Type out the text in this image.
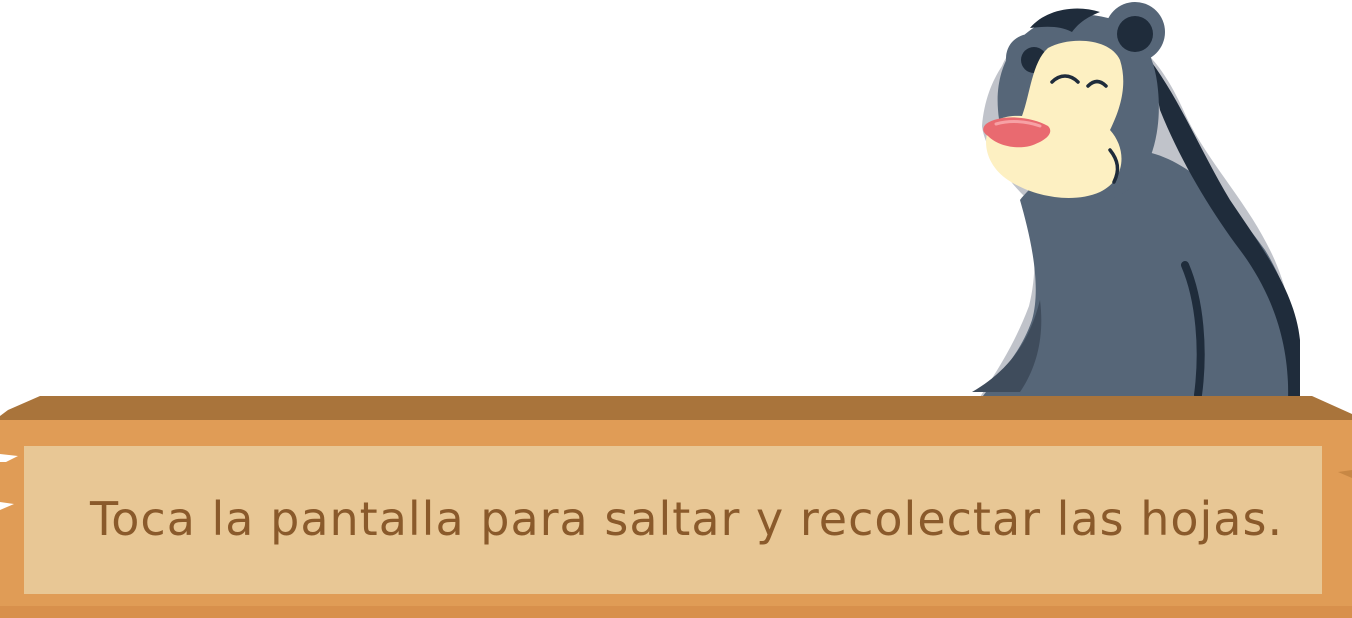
Toca la pantalla para saltar y recolectar las hojas.
